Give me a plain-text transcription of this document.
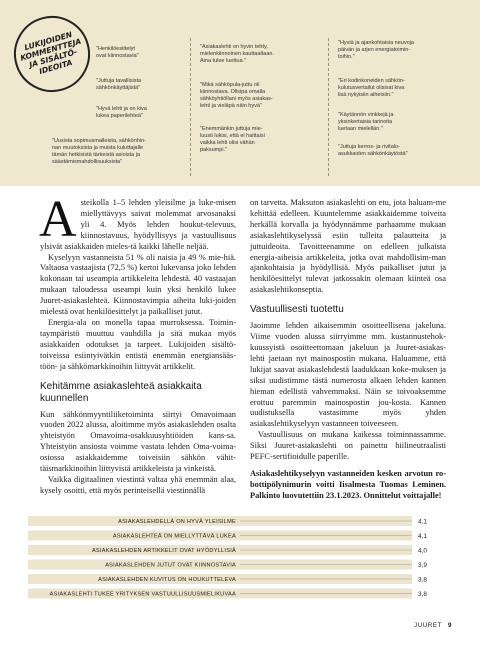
LUKIJOIDEN
KOMMENTTEJA
JA SISÄLTÖ-
IDEOITA
"Henkilöesittelyt
ovat kiinnostavia"
"Juttuja tavallisista
sähkönkäyttäjistä"
"Hyvä lehti ja on kiva
lukea paperilehteä"
"Uusista sopimusmalleista, sähkönhin-
nan muutoksista ja muista kuluttajalle
tämän hetkisistä tärkeistä asioista ja
säästämismahdollisuuksista"
"Asiakaslehti on hyvin tehty,
mielenkiinnoinen kauttaaltaan.
Aina tulee luettua."
"Mikä sähköpula-juttu oli
kiinnostava. Ollsipa omalla
sähköyhtiöllani myös asiakas-
lehti ja vieläpä näin hyvä"
"Enemmänkin juttuja mie-
luusti lukisi, että ei haittaisi
vaikka lehti olisi vähän
paksumpi."
"Hyviä ja ajankohtaisia neuvoja
päivän ja arjen energiatoimin-
toihin."
"Eri kodinkoneiden sähkön-
kulutusvertailut olisivat kiva
lisä nykyisiin aiheisiin."
"Käytännön vinkkejä ja
yksinkertaisia tarinoita
luetaan mielellän."
"Juttuja kerros- ja rivitalo-
asukkaiden sähkönkäytöstä"

Asteikolla 1–5 lehden yleisilme ja luke-misen miellyttävyys saivat molemmat arvosanaksi yli 4. Myös lehden houkut-televuus, kiinnostavuus, hyödyllisyys ja vastuullisuus ylsivät asiakkaiden mieles-tä kaikki lähelle neljää.

Kyselyyn vastanneista 51 % oli naisia ja 49 % mie-hiä. Valtaosa vastaajista (72,5 %) kertoi lukevansa joko lehden kokonaan tai useampia artikkeleita lehdestä. 40 vastaajan mukaan taloudessa useampi kuin yksi henkilö lukee Juuret-asiakaslehteä. Kiinnostavimpia aiheita luki-joiden mielestä ovat henkilöesittelyt ja paikalliset jutut.

Energia-ala on monella tapaa murroksessa. Toimin-taympäristö muuttuu vauhdilla ja sitä mukaa myös asiakkaiden odotukset ja tarpeet. Lukijoiden sisältö-toiveissa esiintyivätkin entistä enemmän energiansääs-töön- ja sähkömarkkinoihin liittyvät artikkelit.

Kehitämme asiakaslehteä asiakkaita kuunnellen

Kun sähkönmyyntiliiketoiminta siirtyi Omavoimaan vuoden 2022 alussa, aloitimme myös asiakaslehden osalta yhteistyön Omavoima-osakkuusyhtiöiden kans-sa. Yhteistyön ansiosta voimme vastata lehden Oma-voima-osiossa asiakkaidemme toiveisiin sähkön vähit-täismarkkinoihin liittyvistä artikkeleista ja vinkeistä.

Vaikka digitaalinen viestintä valtaa yhä enemmän alaa, kysely osoitti, että myös perinteisellä viestinnällä

on tarvetta. Maksuton asiakaslehti on etu, jota haluam-me kehittää edelleen. Kuuntelemme asiakkaidemme toiveita herkällä korvalla ja hyödynnämme parhaamme mukaan asiakaslehtikyselyssä esiin tulleita palautteita ja juttuideoita. Tavoitteenamme on edelleen julkaista energia-aiheisia artikkeleita, jotka ovat mahdollisim-man ajankohtaisia ja hyödyllisiä. Myös paikalliset jutut ja henkilöesittelyt tulevat jatkossakin olemaan kiinteä osa asiakaslehtikonseptia.

Vastuullisesti tuotettu

Jaoimme lehden aikaisemmin osoitteellisena jakeluna. Viime vuoden alussa siirryimme mm. kustannustehok-kuussyistä osoitteettomaan jakeluun ja Juuret-asiakas-lehti jaetaan nyt mainospostin mukana. Haluamme, että lukijat saavat asiakaslehdestä laadukkaan koke-muksen ja siksi uudistimme tästä numerosta alkaen lehden kannen hieman edellistä vahvemmaksi. Näin se toivoaksemme erottuu paremmin mainospostin jou-kosta. Kannen uudistuksella vastasimme myös yhden asiakaslehtikyselyyn vastanneen toiveeseen.

Vastuullisuus on mukana kaikessa toiminnassamme. Siksi Juuret-asiakaslehti on painettu hiilineutraalisti PEFC-sertifioidulle paperille.

Asiakaslehtikyselyyn vastanneiden kesken arvotun ro-bottipölynimurin voitti Iisalmesta Tuomas Leminen. Palkinto luovutettiin 23.1.2023. Onnittelut voittajalle!

ASIAKASLEHDELLÄ ON HYVÄ YLEISILME	4,1
ASIAKASLEHTEÄ ON MIELLYTTÄVÄ LUKEA	4,1
ASIAKASLEHDEN ARTIKKELIT OVAT HYÖDYLLISIÄ	4,0
ASIAKASLEHDEN JUTUT OVAT KIINNOSTAVIA	3,9
ASIAKASLEHDEN KUVITUS ON HOUKUTTELEVA	3,8
ASIAKASLEHTI TUKEE YRITYKSEN VASTUULLISUUSMIELIKUVAA	3,8
JUURET 9
